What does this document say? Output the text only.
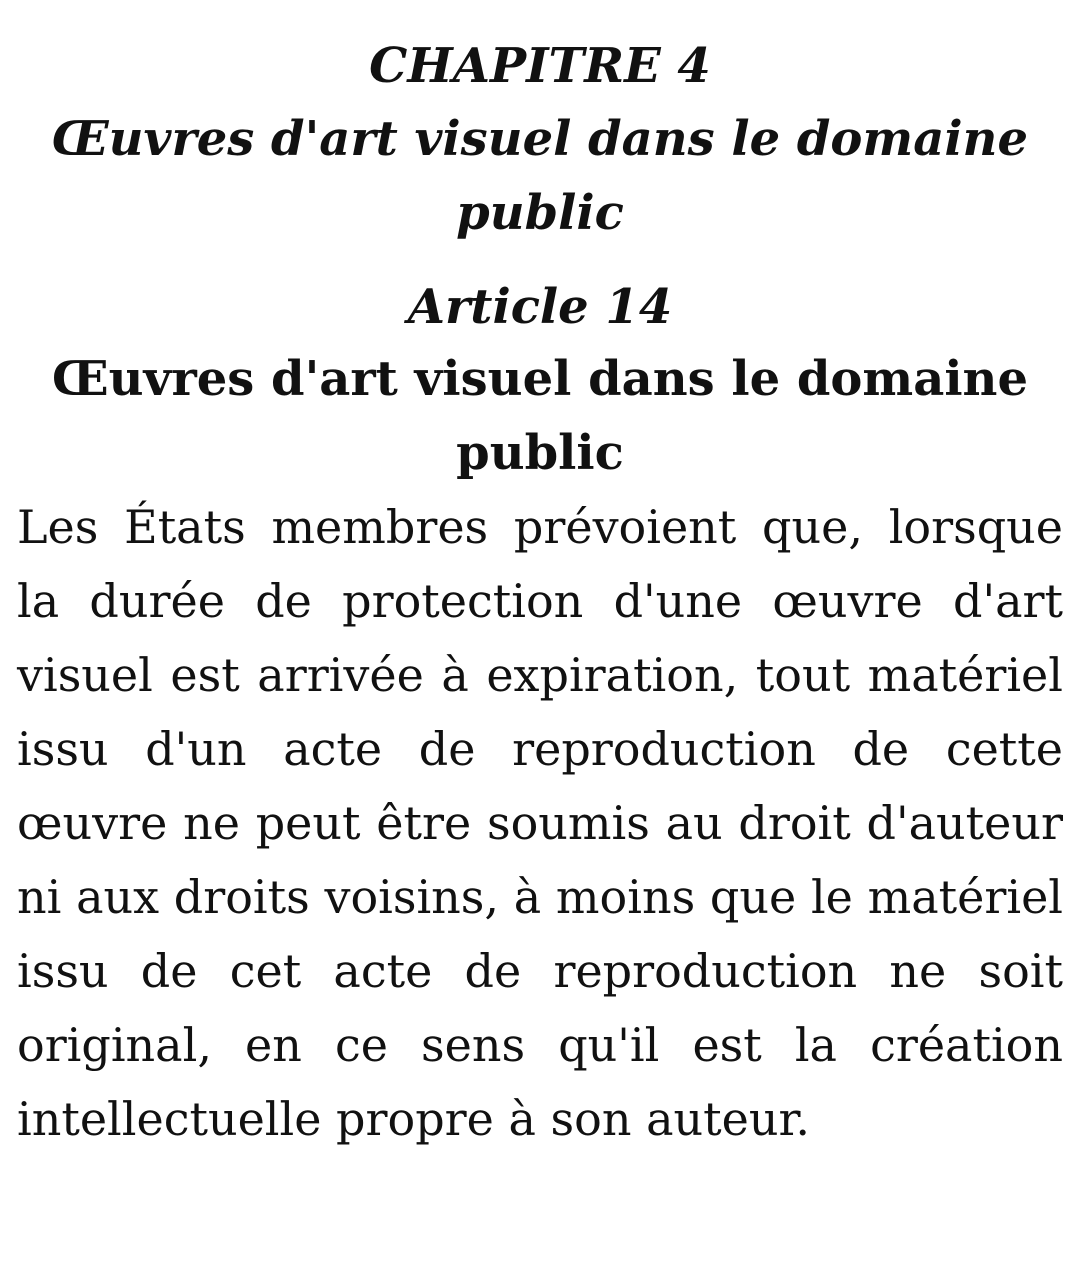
CHAPITRE 4
Œuvres d'art visuel dans le domaine public
Article 14
Œuvres d'art visuel dans le domaine public

Les États membres prévoient que, lorsque la durée de protection d'une œuvre d'art visuel est arrivée à expiration, tout matériel issu d'un acte de reproduction de cette œuvre ne peut être soumis au droit d'auteur ni aux droits voisins, à moins que le matériel issu de cet acte de reproduction ne soit original, en ce sens qu'il est la création intellectuelle propre à son auteur.
